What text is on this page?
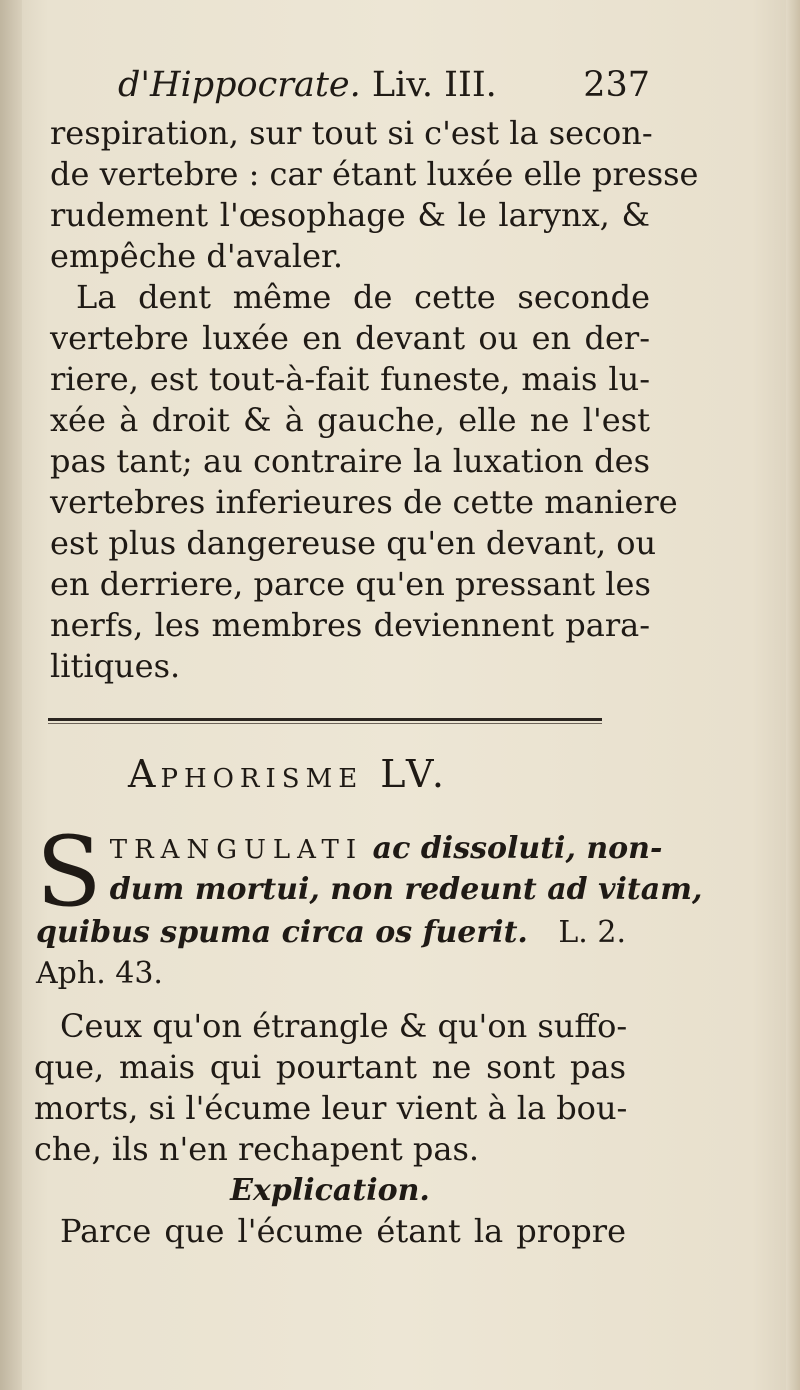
d'Hippocrate. Liv. III. 237
respiration, sur tout si c'est la secon-
de vertebre : car étant luxée elle presse
rudement l'œsophage & le larynx, &
empêche d'avaler.
La dent même de cette seconde
vertebre luxée en devant ou en der-
riere, est tout-à-fait funeste, mais lu-
xée à droit & à gauche, elle ne l'est
pas tant; au contraire la luxation des
vertebres inferieures de cette maniere
est plus dangereuse qu'en devant, ou
en derriere, parce qu'en pressant les
nerfs, les membres deviennent para-
litiques.
APHORISME LV.
S TRANGULATI ac dissoluti, non-
dum mortui, non redeunt ad vitam,
quibus spuma circa os fuerit. L. 2.
Aph. 43.
Ceux qu'on étrangle & qu'on suffo-
que, mais qui pourtant ne sont pas
morts, si l'écume leur vient à la bou-
che, ils n'en rechapent pas.
Explication.
Parce que l'écume étant la propre
